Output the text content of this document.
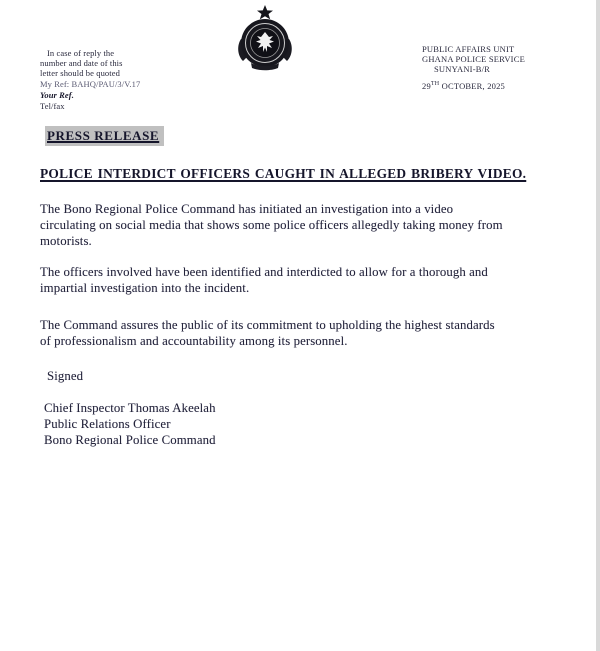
In case of reply the
number and date of this
letter should be quoted
My Ref: BAHQ/PAU/3/V.17
Your Ref.
Tel/fax
PUBLIC AFFAIRS UNIT
GHANA POLICE SERVICE
SUNYANI-B/R
29TH OCTOBER, 2025
PRESS RELEASE
POLICE INTERDICT OFFICERS CAUGHT IN ALLEGED BRIBERY VIDEO.
The Bono Regional Police Command has initiated an investigation into a video
circulating on social media that shows some police officers allegedly taking money from
motorists.
The officers involved have been identified and interdicted to allow for a thorough and
impartial investigation into the incident.
The Command assures the public of its commitment to upholding the highest standards
of professionalism and accountability among its personnel.
Signed
Chief Inspector Thomas Akeelah
Public Relations Officer
Bono Regional Police Command
